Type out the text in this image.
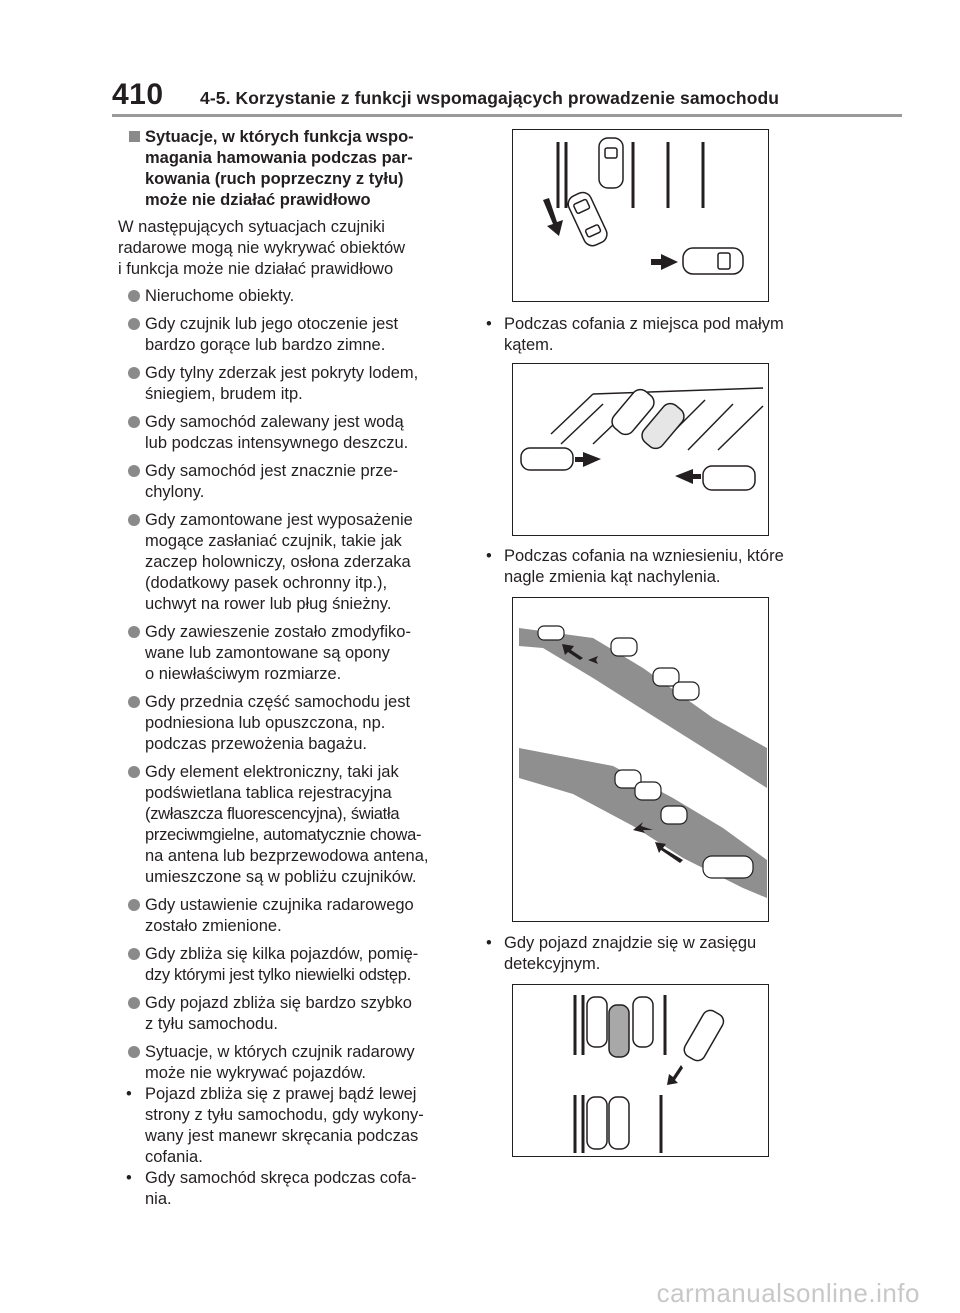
410 4-5. Korzystanie z funkcji wspomagających prowadzenie samochodu
Sytuacje, w których funkcja wspo-
magania hamowania podczas par-
kowania (ruch poprzeczny z tyłu)
może nie działać prawidłowo
W następujących sytuacjach czujniki
radarowe mogą nie wykrywać obiektów
i funkcja może nie działać prawidłowo
Nieruchome obiekty.
Gdy czujnik lub jego otoczenie jest
bardzo gorące lub bardzo zimne.
Gdy tylny zderzak jest pokryty lodem,
śniegiem, brudem itp.
Gdy samochód zalewany jest wodą
lub podczas intensywnego deszczu.
Gdy samochód jest znacznie prze-
chylony.
Gdy zamontowane jest wyposażenie
mogące zasłaniać czujnik, takie jak
zaczep holowniczy, osłona zderzaka
(dodatkowy pasek ochronny itp.),
uchwyt na rower lub pług śnieżny.
Gdy zawieszenie zostało zmodyfiko-
wane lub zamontowane są opony
o niewłaściwym rozmiarze.
Gdy przednia część samochodu jest
podniesiona lub opuszczona, np.
podczas przewożenia bagażu.
Gdy element elektroniczny, taki jak
podświetlana tablica rejestracyjna
(zwłaszcza fluorescencyjna), światła
przeciwmgielne, automatycznie chowa-
na antena lub bezprzewodowa antena,
umieszczone są w pobliżu czujników.
Gdy ustawienie czujnika radarowego
zostało zmienione.
Gdy zbliża się kilka pojazdów, pomię-
dzy którymi jest tylko niewielki odstęp.
Gdy pojazd zbliża się bardzo szybko
z tyłu samochodu.
Sytuacje, w których czujnik radarowy
może nie wykrywać pojazdów.
• Pojazd zbliża się z prawej bądź lewej
strony z tyłu samochodu, gdy wykony-
wany jest manewr skręcania podczas
cofania.
• Gdy samochód skręca podczas cofa-
nia.
• Podczas cofania z miejsca pod małym
kątem.
• Podczas cofania na wzniesieniu, które
nagle zmienia kąt nachylenia.
• Gdy pojazd znajdzie się w zasięgu
detekcyjnym.
carmanualsonline.info
